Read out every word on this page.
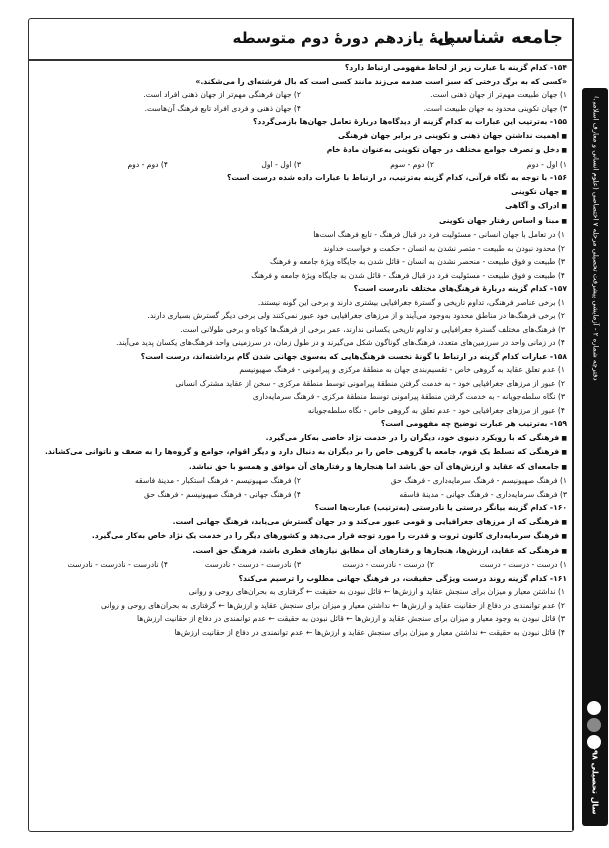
جامعه شناسی
پایهٔ یازدهم دورهٔ دوم متوسطه
۱۵۴- کدام گزینه با عبارت زیر از لحاظ مفهومی ارتباط دارد؟
«کسی که به برگ درختی که سبز است صدمه می‌زند مانند کسی است که بال فرشته‌ای را می‌شکند.»
۱) جهان طبیعت مهم‌تر از جهان ذهنی است.
۲) جهان فرهنگی مهم‌تر از جهان ذهنی افراد است.
۳) جهان تکوینی محدود به جهان طبیعت است.
۴) جهان ذهنی و فردی افراد تابع فرهنگ آن‌هاست.
۱۵۵- به‌ترتیب این عبارات به کدام گزینه از دیدگاه‌ها دربارهٔ تعامل جهان‌ها بازمی‌گردد؟
■ اهمیت نداشتن جهان ذهنی و تکوینی در برابر جهان فرهنگی
■ دخل و تصرف جوامع مختلف در جهان تکوینی به‌عنوان مادهٔ خام
۱) اول - دوم
۲) دوم - سوم
۳) اول - اول
۴) دوم - دوم
۱۵۶- با توجه به نگاه قرآنی، کدام گزینه به‌ترتیب، در ارتباط با عبارات داده شده درست است؟
■ جهان تکوینی
■ ادراک و آگاهی
■ مبنا و اساس رفتار جهان تکوینی
۱) در تعامل با جهان انسانی - مسئولیت فرد در قبال فرهنگ - تابع فرهنگ است‌ها
۲) محدود نبودن به طبیعت - متصر نشدن به انسان - حکمت و خواست خداوند
۳) طبیعت و فوق طبیعت - منحصر نشدن به انسان - قائل شدن به جایگاه ویژهٔ جامعه و فرهنگ
۴) طبیعت و فوق طبیعت - مسئولیت فرد در قبال فرهنگ - قائل شدن به جایگاه ویژهٔ جامعه و فرهنگ
۱۵۷- کدام گزینه دربارهٔ فرهنگ‌های مختلف نادرست است؟
۱) برخی عناصر فرهنگی، تداوم تاریخی و گسترهٔ جغرافیایی بیشتری دارند و برخی این گونه نیستند.
۲) برخی فرهنگ‌ها در مناطق محدود به‌وجود می‌آیند و از مرزهای جغرافیایی خود عبور نمی‌کنند ولی برخی دیگر گسترش بسیاری دارند.
۳) فرهنگ‌های مختلف گسترهٔ جغرافیایی و تداوم تاریخی یکسانی ندارند، عمر برخی از فرهنگ‌ها کوتاه و برخی طولانی است.
۴) در زمانی واحد در سرزمین‌های متعدد، فرهنگ‌های گوناگون شکل می‌گیرند و در طول زمان، در سرزمینی واحد فرهنگ‌های یکسان پدید می‌آیند.
۱۵۸- عبارات کدام گزینه در ارتباط با گونهٔ نخست فرهنگ‌هایی که به‌سوی جهانی شدن گام برداشته‌اند، درست است؟
۱) عدم تعلق عقاید به گروهی خاص - تقسیم‌بندی جهان به منطقهٔ مرکزی و پیرامونی - فرهنگ صهیونیسم
۲) عبور از مرزهای جغرافیایی خود - به خدمت گرفتن منطقهٔ پیرامونی توسط منطقهٔ مرکزی - سخن از عقاید مشترک انسانی
۳) نگاه سلطه‌جویانه - به خدمت گرفتن منطقهٔ پیرامونی توسط منطقهٔ مرکزی - فرهنگ سرمایه‌داری
۴) عبور از مرزهای جغرافیایی خود - عدم تعلق به گروهی خاص - نگاه سلطه‌جویانه
۱۵۹- به‌ترتیب هر عبارت توضیح چه مفهومی است؟
■ فرهنگی که با رویکرد دنیوی خود، دیگران را در خدمت نژاد خاصی به‌کار می‌گیرد.
■ فرهنگی که تسلط یک قوم، جامعه یا گروهی خاص را بر دیگران به دنبال دارد و دیگر اقوام، جوامع و گروه‌ها را به ضعف و ناتوانی می‌کشاند.
■ جامعه‌ای که عقاید و ارزش‌های آن حق باشد اما هنجارها و رفتارهای آن موافق و همسو با حق نباشد.
۱) فرهنگ صهیونیسم - فرهنگ سرمایه‌داری - فرهنگ حق
۲) فرهنگ صهیونیسم - فرهنگ استکبار - مدینهٔ فاسقه
۳) فرهنگ سرمایه‌داری - فرهنگ جهانی - مدینهٔ فاسقه
۴) فرهنگ جهانی - فرهنگ صهیونیسم - فرهنگ حق
۱۶۰- کدام گزینه بیانگر درستی یا نادرستی (به‌ترتیب) عبارت‌ها است؟
■ فرهنگی که از مرزهای جغرافیایی و قومی عبور می‌کند و در جهان گسترش می‌یابد، فرهنگ جهانی است.
■ فرهنگ سرمایه‌داری کانون ثروت و قدرت را مورد توجه قرار می‌دهد و کشورهای دیگر را در خدمت یک نژاد خاص به‌کار می‌گیرد.
■ فرهنگی که عقاید، ارزش‌ها، هنجارها و رفتارهای آن مطابق نیازهای فطری باشد، فرهنگ حق است.
۱) درست - درست - درست
۲) درست - نادرست - درست
۳) نادرست - درست - نادرست
۴) نادرست - نادرست - نادرست
۱۶۱- کدام گزینه روند درست ویژگی حقیقت، در فرهنگ جهانی مطلوب را ترسیم می‌کند؟
۱) نداشتن معیار و میزان برای سنجش عقاید و ارزش‌ها ← قائل نبودن به حقیقت ← گرفتاری به بحران‌های روحی و روانی
۲) عدم توانمندی در دفاع از حقانیت عقاید و ارزش‌ها ← نداشتن معیار و میزان برای سنجش عقاید و ارزش‌ها ← گرفتاری به بحران‌های روحی و روانی
۳) قائل نبودن به وجود معیار و میزان برای سنجش عقاید و ارزش‌ها ← قائل نبودن به حقیقت ← عدم توانمندی در دفاع از حقانیت ارزش‌ها
۴) قائل نبودن به حقیقت ← نداشتن معیار و میزان برای سنجش عقاید و ارزش‌ها ← عدم توانمندی در دفاع از حقانیت ارزش‌ها
دفترچه‌ شماره ۲ - آزمایشی پیشرفت تحصیلی مرحله ۷ اختصاصی (علوم انسانی و معارف اسلامی)
سال تحصیلی ۹۸-۹۷
۷
